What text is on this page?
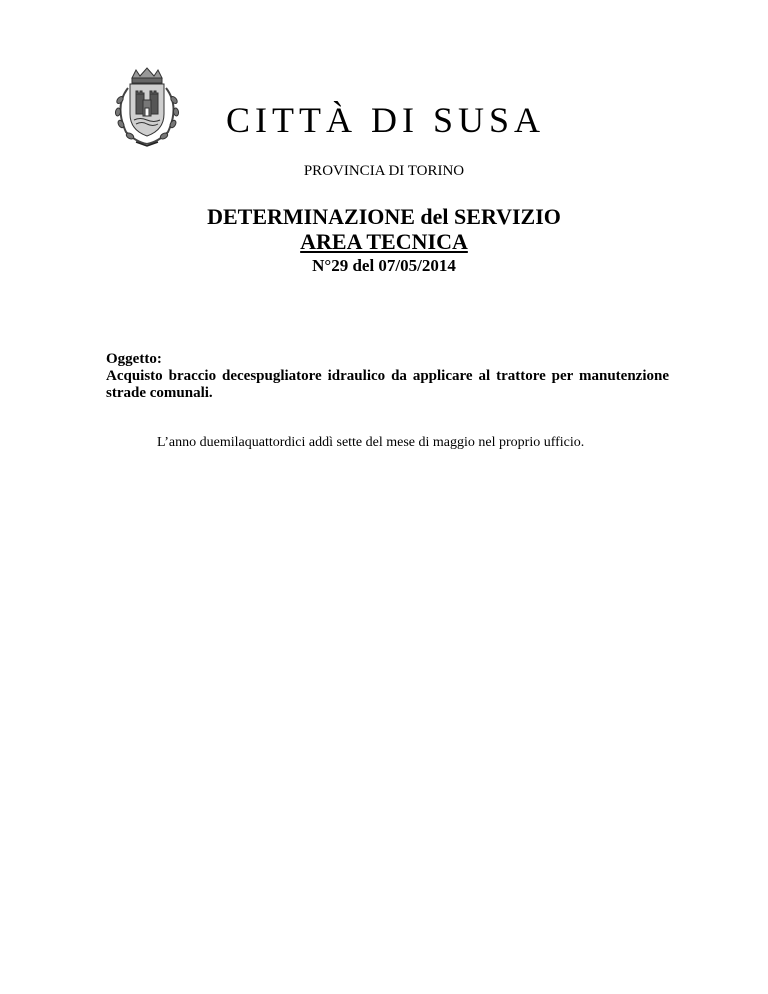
CITTÀ DI SUSA
PROVINCIA DI TORINO
DETERMINAZIONE del SERVIZIO
AREA TECNICA
N°29 del 07/05/2014
Oggetto:
Acquisto braccio decespugliatore idraulico da applicare al trattore per manutenzione strade comunali.
L’anno duemilaquattordici addì sette del mese di maggio nel proprio ufficio.
